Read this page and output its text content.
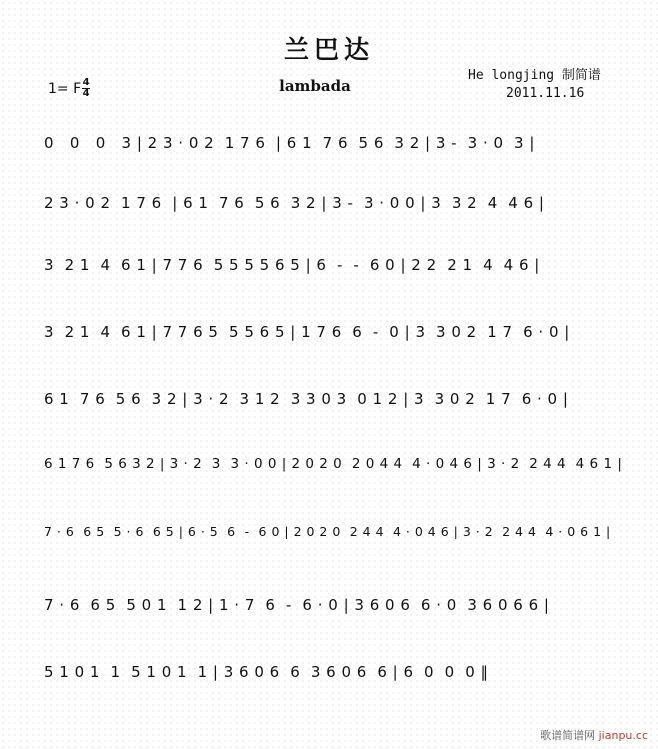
兰巴达
lambada
1= F 4
4
He longjing 制简谱
2011.11.16
0   0   0   3 | 2 3 · 0 2  1 7 6  | 6 1  7 6  5 6  3 2 | 3 -  3 · 0  3 |
2 3 · 0 2  1 7 6  | 6 1  7 6  5 6  3 2 | 3 -  3 · 0 0 | 3  3 2  4  4 6 |
3  2 1  4  6 1 | 7 7 6  5 5 5 5 6 5 | 6  -  -  6 0 | 2 2  2 1  4  4 6 |
3  2 1  4  6 1 | 7 7 6 5  5 5 6 5 | 1 7 6  6  -  0 | 3  3 0 2  1 7  6 · 0 |
6 1  7 6  5 6  3 2 | 3 · 2  3 1 2  3 3 0 3  0 1 2 | 3  3 0 2  1 7  6 · 0 |
6 1 7 6  5 6 3 2 | 3 · 2  3  3 · 0 0 | 2 0 2 0  2 0 4 4  4 · 0 4 6 | 3 · 2  2 4 4  4 6 1 |
7 · 6  6 5  5 · 6  6 5 | 6 · 5  6  -  6 0 | 2 0 2 0  2 4 4  4 · 0 4 6 | 3 · 2  2 4 4  4 · 0 6 1 |
7 · 6  6 5  5 0 1  1 2 | 1 · 7  6  -  6 · 0 | 3 6 0 6  6 · 0  3 6 0 6 6 |
5 1 0 1  1  5 1 0 1  1 | 3 6 0 6  6  3 6 0 6  6 | 6  0  0  0 ‖
歌谱简谱网 jianpu.cc
